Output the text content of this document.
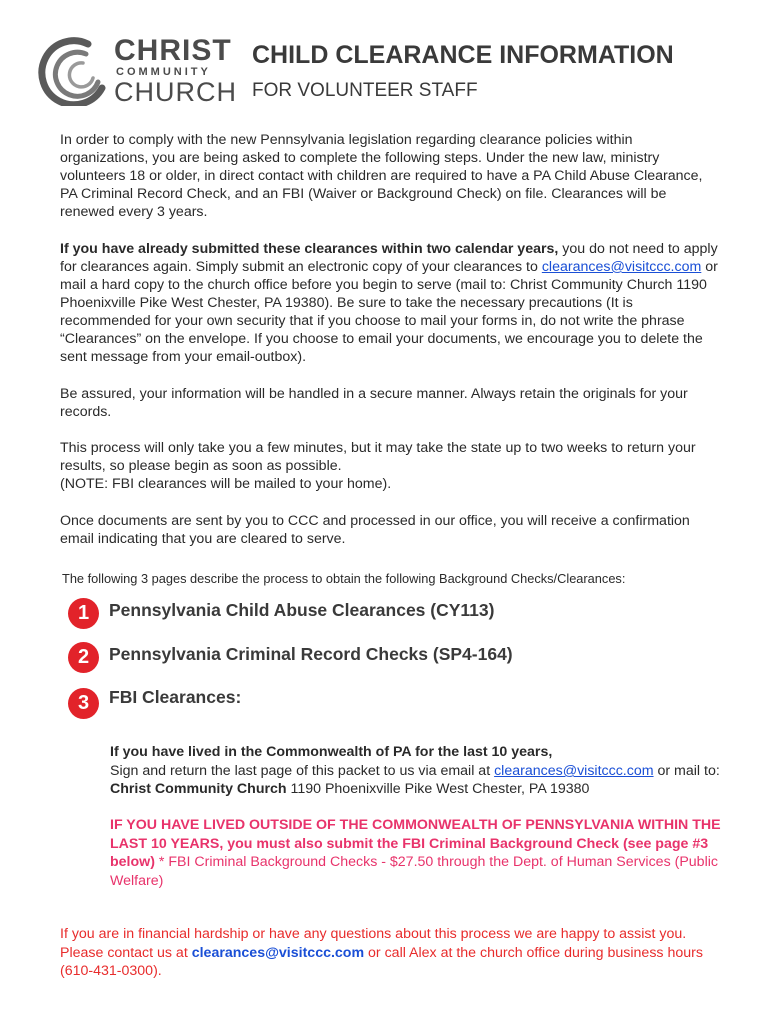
CHRIST
COMMUNITY
CHURCH
CHILD CLEARANCE INFORMATION
FOR VOLUNTEER STAFF

In order to comply with the new Pennsylvania legislation regarding clearance policies within organizations, you are being asked to complete the following steps. Under the new law, ministry volunteers 18 or older, in direct contact with children are required to have a PA Child Abuse Clearance, PA Criminal Record Check, and an FBI (Waiver or Background Check) on file. Clearances will be renewed every 3 years.

If you have already submitted these clearances within two calendar years, you do not need to apply for clearances again. Simply submit an electronic copy of your clearances to clearances@visitccc.com or mail a hard copy to the church office before you begin to serve (mail to: Christ Community Church 1190 Phoenixville Pike West Chester, PA 19380). Be sure to take the necessary precautions (It is recommended for your own security that if you choose to mail your forms in, do not write the phrase “Clearances” on the envelope. If you choose to email your documents, we encourage you to delete the sent message from your email-outbox).

Be assured, your information will be handled in a secure manner. Always retain the originals for your records.

This process will only take you a few minutes, but it may take the state up to two weeks to return your results, so please begin as soon as possible.
(NOTE: FBI clearances will be mailed to your home).

Once documents are sent by you to CCC and processed in our office, you will receive a confirmation email indicating that you are cleared to serve.

The following 3 pages describe the process to obtain the following Background Checks/Clearances:
1	Pennsylvania Child Abuse Clearances (CY113)
2	Pennsylvania Criminal Record Checks (SP4-164)
3	FBI Clearances:
If you have lived in the Commonwealth of PA for the last 10 years,
Sign and return the last page of this packet to us via email at clearances@visitccc.com or mail to: Christ Community Church 1190 Phoenixville Pike West Chester, PA 19380
IF YOU HAVE LIVED OUTSIDE OF THE COMMONWEALTH OF PENNSYLVANIA WITHIN THE LAST 10 YEARS, you must also submit the FBI Criminal Background Check (see page #3 below) * FBI Criminal Background Checks - $27.50 through the Dept. of Human Services (Public Welfare)
If you are in financial hardship or have any questions about this process we are happy to assist you. Please contact us at clearances@visitccc.com or call Alex at the church office during business hours (610-431-0300).
